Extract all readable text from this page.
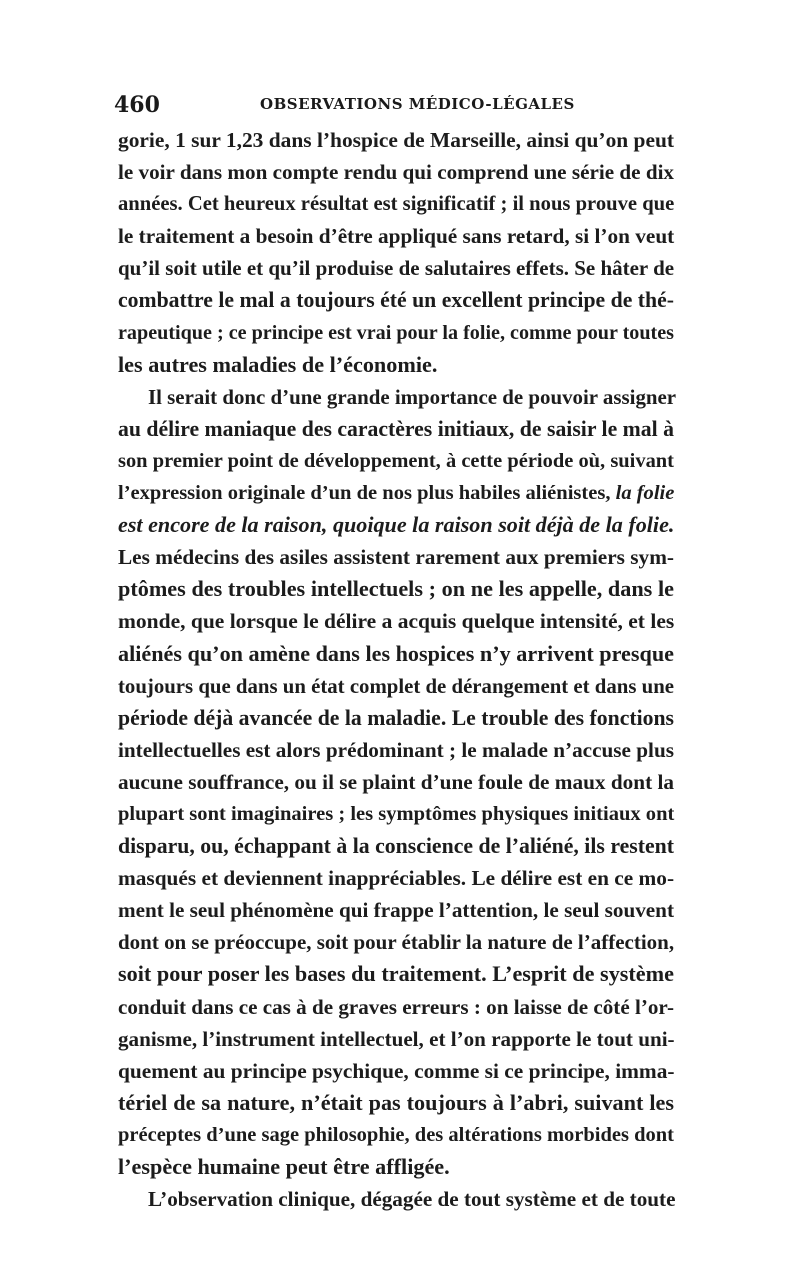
460	OBSERVATIONS MÉDICO-LÉGALES
gorie, 1 sur 1,23 dans l’hospice de Marseille, ainsi qu’on peut
le voir dans mon compte rendu qui comprend une série de dix
années. Cet heureux résultat est significatif ; il nous prouve que
le traitement a besoin d’être appliqué sans retard, si l’on veut
qu’il soit utile et qu’il produise de salutaires effets. Se hâter de
combattre le mal a toujours été un excellent principe de thé-
rapeutique ; ce principe est vrai pour la folie, comme pour toutes
les autres maladies de l’économie.
Il serait donc d’une grande importance de pouvoir assigner
au délire maniaque des caractères initiaux, de saisir le mal à
son premier point de développement, à cette période où, suivant
l’expression originale d’un de nos plus habiles aliénistes, la folie
est encore de la raison, quoique la raison soit déjà de la folie.
Les médecins des asiles assistent rarement aux premiers sym-
ptômes des troubles intellectuels ; on ne les appelle, dans le
monde, que lorsque le délire a acquis quelque intensité, et les
aliénés qu’on amène dans les hospices n’y arrivent presque
toujours que dans un état complet de dérangement et dans une
période déjà avancée de la maladie. Le trouble des fonctions
intellectuelles est alors prédominant ; le malade n’accuse plus
aucune souffrance, ou il se plaint d’une foule de maux dont la
plupart sont imaginaires ; les symptômes physiques initiaux ont
disparu, ou, échappant à la conscience de l’aliéné, ils restent
masqués et deviennent inappréciables. Le délire est en ce mo-
ment le seul phénomène qui frappe l’attention, le seul souvent
dont on se préoccupe, soit pour établir la nature de l’affection,
soit pour poser les bases du traitement. L’esprit de système
conduit dans ce cas à de graves erreurs : on laisse de côté l’or-
ganisme, l’instrument intellectuel, et l’on rapporte le tout uni-
quement au principe psychique, comme si ce principe, imma-
tériel de sa nature, n’était pas toujours à l’abri, suivant les
préceptes d’une sage philosophie, des altérations morbides dont
l’espèce humaine peut être affligée.
L’observation clinique, dégagée de tout système et de toute
